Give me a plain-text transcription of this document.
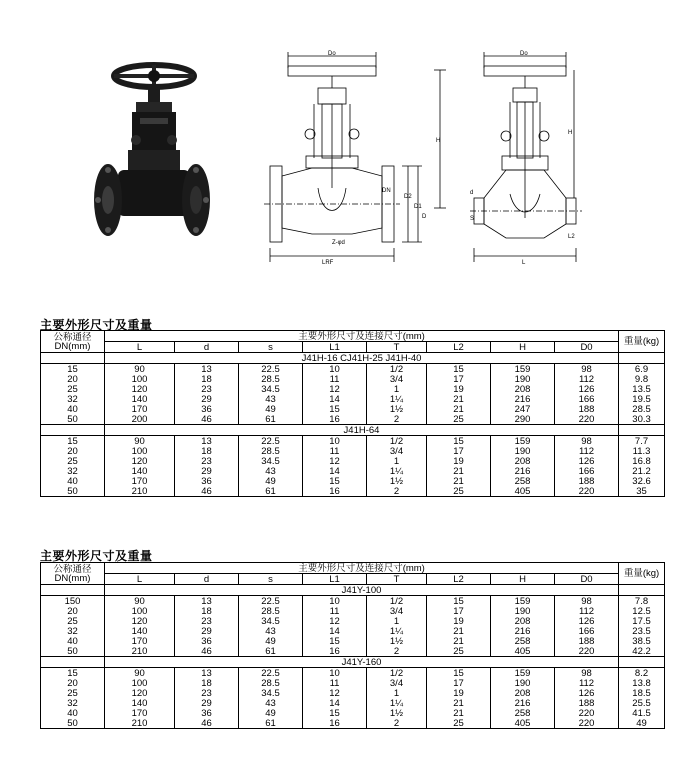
Do
H
LRF
D2
D1
D
DN
Z-φd
Do
H
L
d
S
L2
主要外形尺寸及重量
公称通径
DN(mm)	主要外形尺寸及连接尺寸(mm)								重量(kg)
	L	d	s	L1	T	L2	H	D0	
	J41H-16 CJ41H-25 J41H-40								
15	90	13	22.5	10	1/2	15	159	98	6.9
20	100	18	28.5	11	3/4	17	190	112	9.8
25	120	23	34.5	12	1	19	208	126	13.5
32	140	29	43	14	1¼	21	216	166	19.5
40	170	36	49	15	1½	21	247	188	28.5
50	200	46	61	16	2	25	290	220	30.3
	J41H-64								
15	90	13	22.5	10	1/2	15	159	98	7.7
20	100	18	28.5	11	3/4	17	190	112	11.3
25	120	23	34.5	12	1	19	208	126	16.8
32	140	29	43	14	1¼	21	216	166	21.2
40	170	36	49	15	1½	21	258	188	32.6
50	210	46	61	16	2	25	405	220	35
主要外形尺寸及重量
公称通径
DN(mm)	主要外形尺寸及连接尺寸(mm)								重量(kg)
	L	d	s	L1	T	L2	H	D0	
	J41Y-100								
150	90	13	22.5	10	1/2	15	159	98	7.8
20	100	18	28.5	11	3/4	17	190	112	12.5
25	120	23	34.5	12	1	19	208	126	17.5
32	140	29	43	14	1¼	21	216	166	23.5
40	170	36	49	15	1½	21	258	188	38.5
50	210	46	61	16	2	25	405	220	42.2
	J41Y-160								
15	90	13	22.5	10	1/2	15	159	98	8.2
20	100	18	28.5	11	3/4	17	190	112	13.8
25	120	23	34.5	12	1	19	208	126	18.5
32	140	29	43	14	1¼	21	216	188	25.5
40	170	36	49	15	1½	21	258	220	41.5
50	210	46	61	16	2	25	405	220	49
